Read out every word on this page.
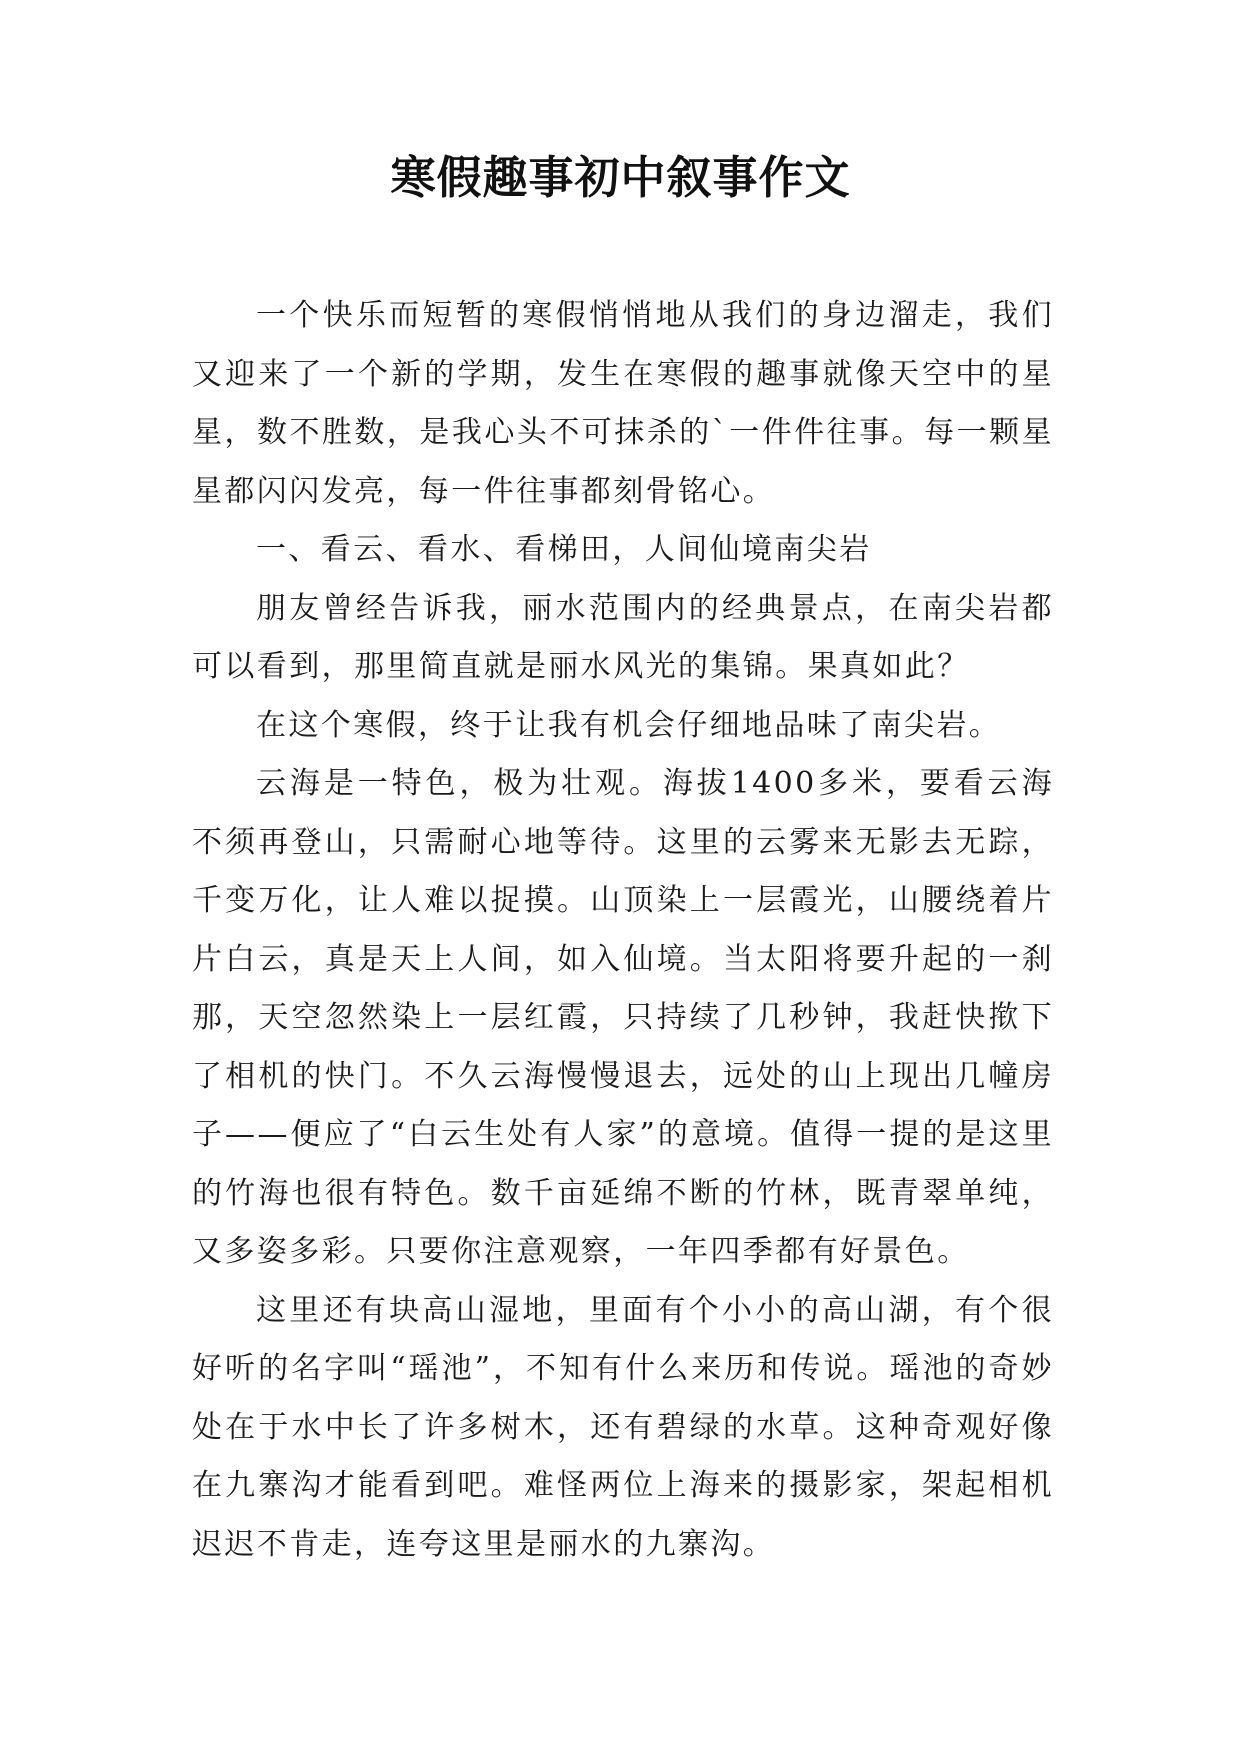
寒假趣事初中叙事作文

一个快乐而短暂的寒假悄悄地从我们的身边溜走，我们又迎来了一个新的学期，发生在寒假的趣事就像天空中的星星，数不胜数，是我心头不可抹杀的`一件件往事。每一颗星星都闪闪发亮，每一件往事都刻骨铭心。

一、看云、看水、看梯田，人间仙境南尖岩

朋友曾经告诉我，丽水范围内的经典景点，在南尖岩都可以看到，那里简直就是丽水风光的集锦。果真如此？

在这个寒假，终于让我有机会仔细地品味了南尖岩。

云海是一特色，极为壮观。海拔1400多米，要看云海不须再登山，只需耐心地等待。这里的云雾来无影去无踪，千变万化，让人难以捉摸。山顶染上一层霞光，山腰绕着片片白云，真是天上人间，如入仙境。当太阳将要升起的一刹那，天空忽然染上一层红霞，只持续了几秒钟，我赶快揿下了相机的快门。不久云海慢慢退去，远处的山上现出几幢房子——便应了“白云生处有人家”的意境。值得一提的是这里的竹海也很有特色。数千亩延绵不断的竹林，既青翠单纯，又多姿多彩。只要你注意观察，一年四季都有好景色。

这里还有块高山湿地，里面有个小小的高山湖，有个很好听的名字叫“瑶池”，不知有什么来历和传说。瑶池的奇妙处在于水中长了许多树木，还有碧绿的水草。这种奇观好像在九寨沟才能看到吧。难怪两位上海来的摄影家，架起相机迟迟不肯走，连夸这里是丽水的九寨沟。
